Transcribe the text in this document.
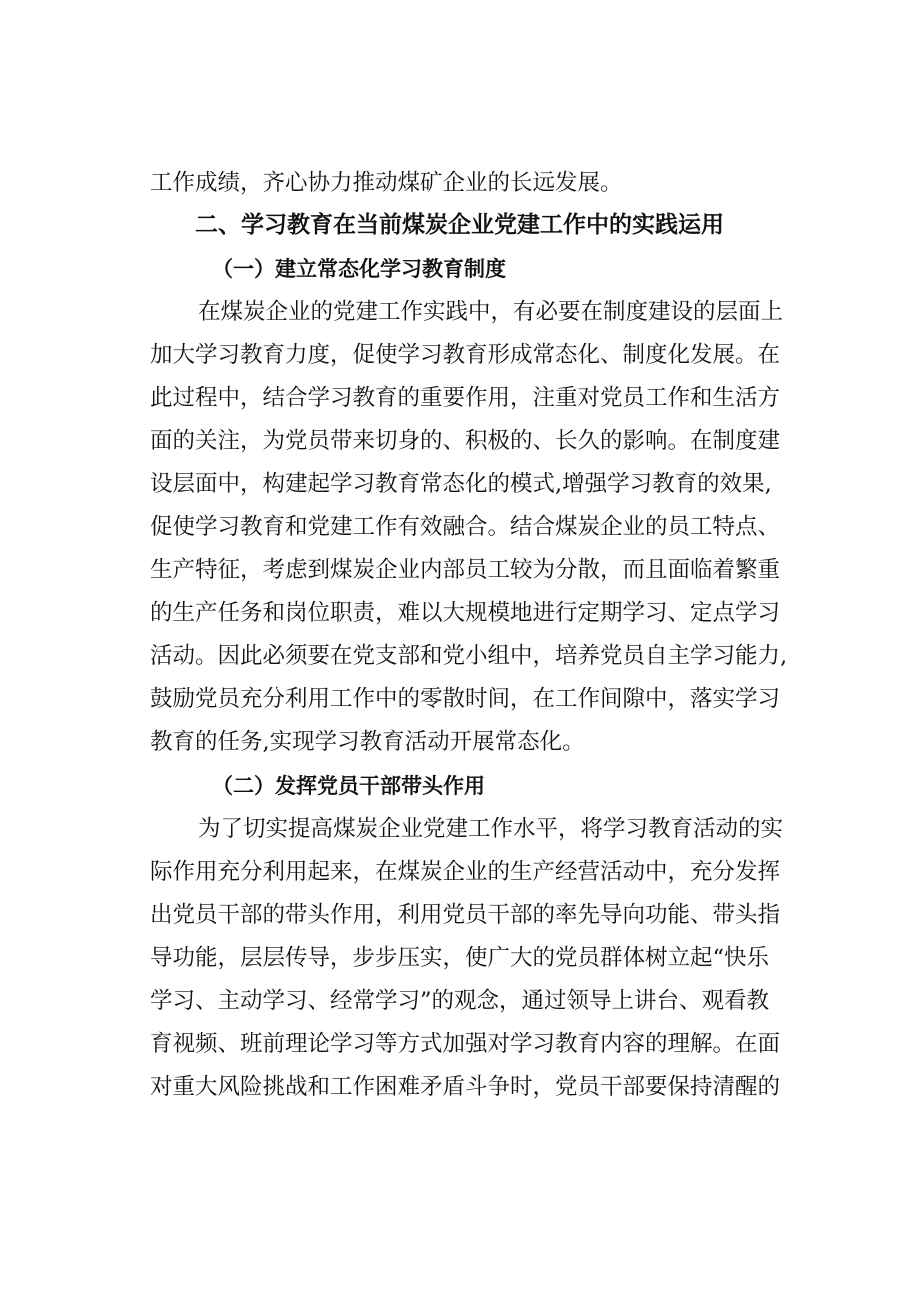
工作成绩，齐心协力推动煤矿企业的长远发展。
二、学习教育在当前煤炭企业党建工作中的实践运用
（一）建立常态化学习教育制度
在煤炭企业的党建工作实践中，有必要在制度建设的层面上
加大学习教育力度，促使学习教育形成常态化、制度化发展。在
此过程中，结合学习教育的重要作用，注重对党员工作和生活方
面的关注，为党员带来切身的、积极的、长久的影响。在制度建
设层面中，构建起学习教育常态化的模式,增强学习教育的效果,
促使学习教育和党建工作有效融合。结合煤炭企业的员工特点、
生产特征，考虑到煤炭企业内部员工较为分散，而且面临着繁重
的生产任务和岗位职责，难以大规模地进行定期学习、定点学习
活动。因此必须要在党支部和党小组中，培养党员自主学习能力,
鼓励党员充分利用工作中的零散时间，在工作间隙中，落实学习
教育的任务,实现学习教育活动开展常态化。
（二）发挥党员干部带头作用
为了切实提高煤炭企业党建工作水平，将学习教育活动的实
际作用充分利用起来，在煤炭企业的生产经营活动中，充分发挥
出党员干部的带头作用，利用党员干部的率先导向功能、带头指
导功能，层层传导，步步压实，使广大的党员群体树立起“快乐
学习、主动学习、经常学习”的观念，通过领导上讲台、观看教
育视频、班前理论学习等方式加强对学习教育内容的理解。在面
对重大风险挑战和工作困难矛盾斗争时，党员干部要保持清醒的
